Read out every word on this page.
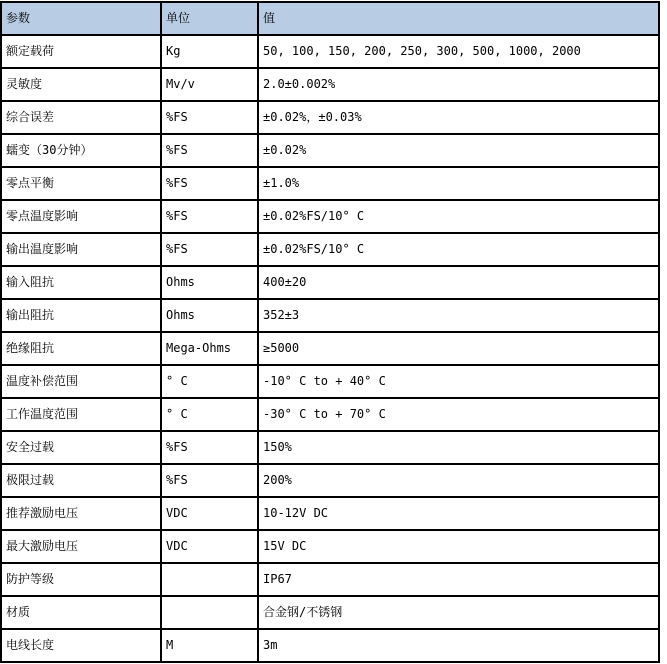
参数	单位	值
额定载荷	Kg	50, 100, 150, 200, 250, 300, 500, 1000, 2000
灵敏度	Mv/v	2.0±0.002%
综合误差	%FS	±0.02%，±0.03%
蠕变（30分钟）	%FS	±0.02%
零点平衡	%FS	±1.0%
零点温度影响	%FS	±0.02%FS/10° C
输出温度影响	%FS	±0.02%FS/10° C
输入阻抗	Ohms	400±20
输出阻抗	Ohms	352±3
绝缘阻抗	Mega-Ohms	≥5000
温度补偿范围	° C	-10° C to + 40° C
工作温度范围	° C	-30° C to + 70° C
安全过载	%FS	150%
极限过载	%FS	200%
推荐激励电压	VDC	10-12V DC
最大激励电压	VDC	15V DC
防护等级		IP67
材质		合金钢/不锈钢
电线长度	M	3m
